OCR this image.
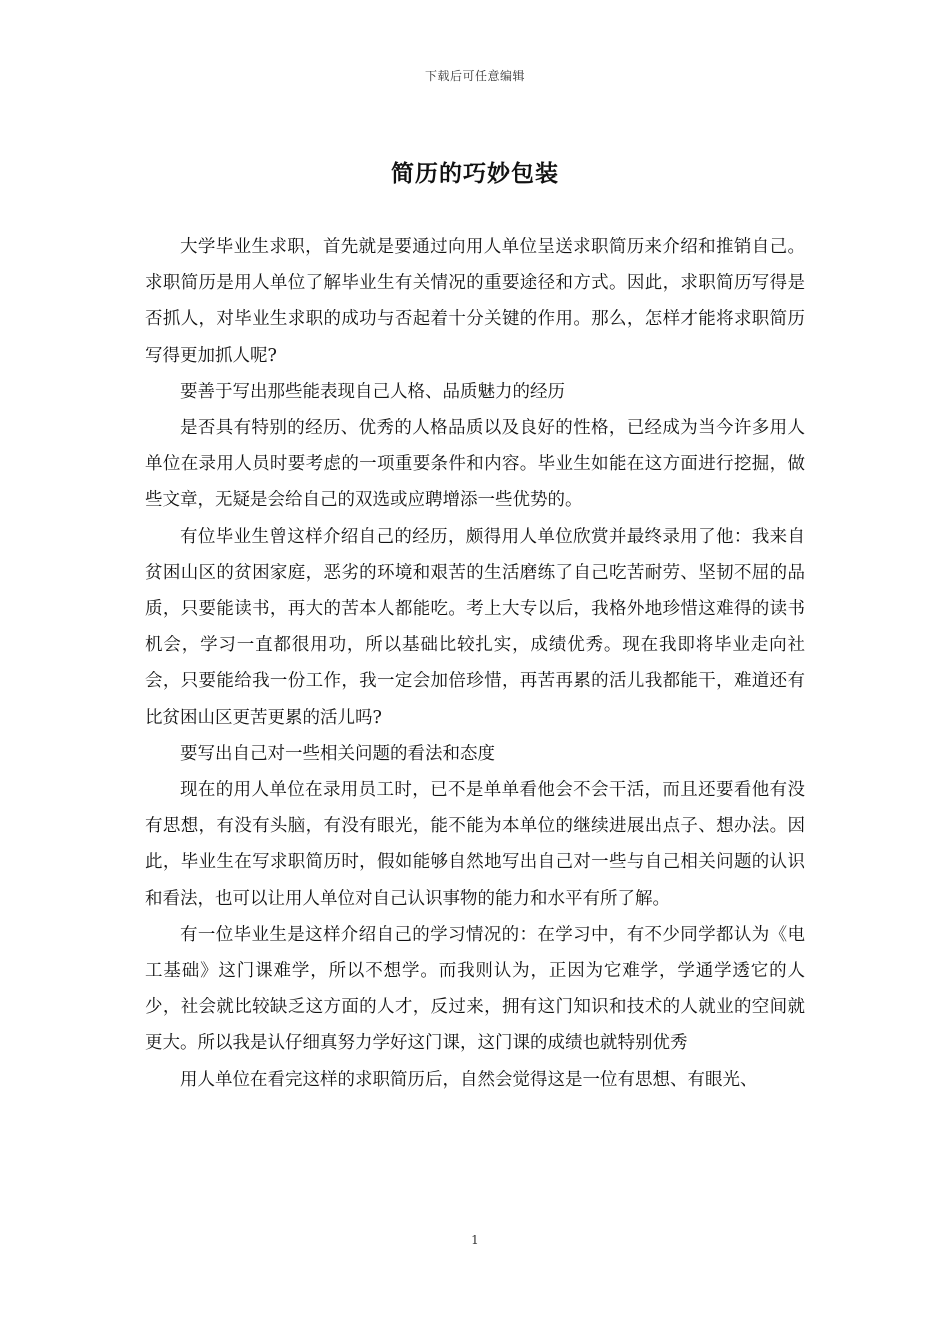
下载后可任意编辑
简历的巧妙包装

大学毕业生求职，首先就是要通过向用人单位呈送求职简历来介绍和推销自己。求职简历是用人单位了解毕业生有关情况的重要途径和方式。因此，求职简历写得是否抓人，对毕业生求职的成功与否起着十分关键的作用。那么，怎样才能将求职简历写得更加抓人呢?

要善于写出那些能表现自己人格、品质魅力的经历

是否具有特别的经历、优秀的人格品质以及良好的性格，已经成为当今许多用人单位在录用人员时要考虑的一项重要条件和内容。毕业生如能在这方面进行挖掘，做些文章，无疑是会给自己的双选或应聘增添一些优势的。

有位毕业生曾这样介绍自己的经历，颇得用人单位欣赏并最终录用了他：我来自贫困山区的贫困家庭，恶劣的环境和艰苦的生活磨练了自己吃苦耐劳、坚韧不屈的品质，只要能读书，再大的苦本人都能吃。考上大专以后，我格外地珍惜这难得的读书机会，学习一直都很用功，所以基础比较扎实，成绩优秀。现在我即将毕业走向社会，只要能给我一份工作，我一定会加倍珍惜，再苦再累的活儿我都能干，难道还有比贫困山区更苦更累的活儿吗?

要写出自己对一些相关问题的看法和态度

现在的用人单位在录用员工时，已不是单单看他会不会干活，而且还要看他有没有思想，有没有头脑，有没有眼光，能不能为本单位的继续进展出点子、想办法。因此，毕业生在写求职简历时，假如能够自然地写出自己对一些与自己相关问题的认识和看法，也可以让用人单位对自己认识事物的能力和水平有所了解。

有一位毕业生是这样介绍自己的学习情况的：在学习中，有不少同学都认为《电工基础》这门课难学，所以不想学。而我则认为，正因为它难学，学通学透它的人少，社会就比较缺乏这方面的人才，反过来，拥有这门知识和技术的人就业的空间就更大。所以我是认仔细真努力学好这门课，这门课的成绩也就特别优秀

用人单位在看完这样的求职简历后，自然会觉得这是一位有思想、有眼光、

1
